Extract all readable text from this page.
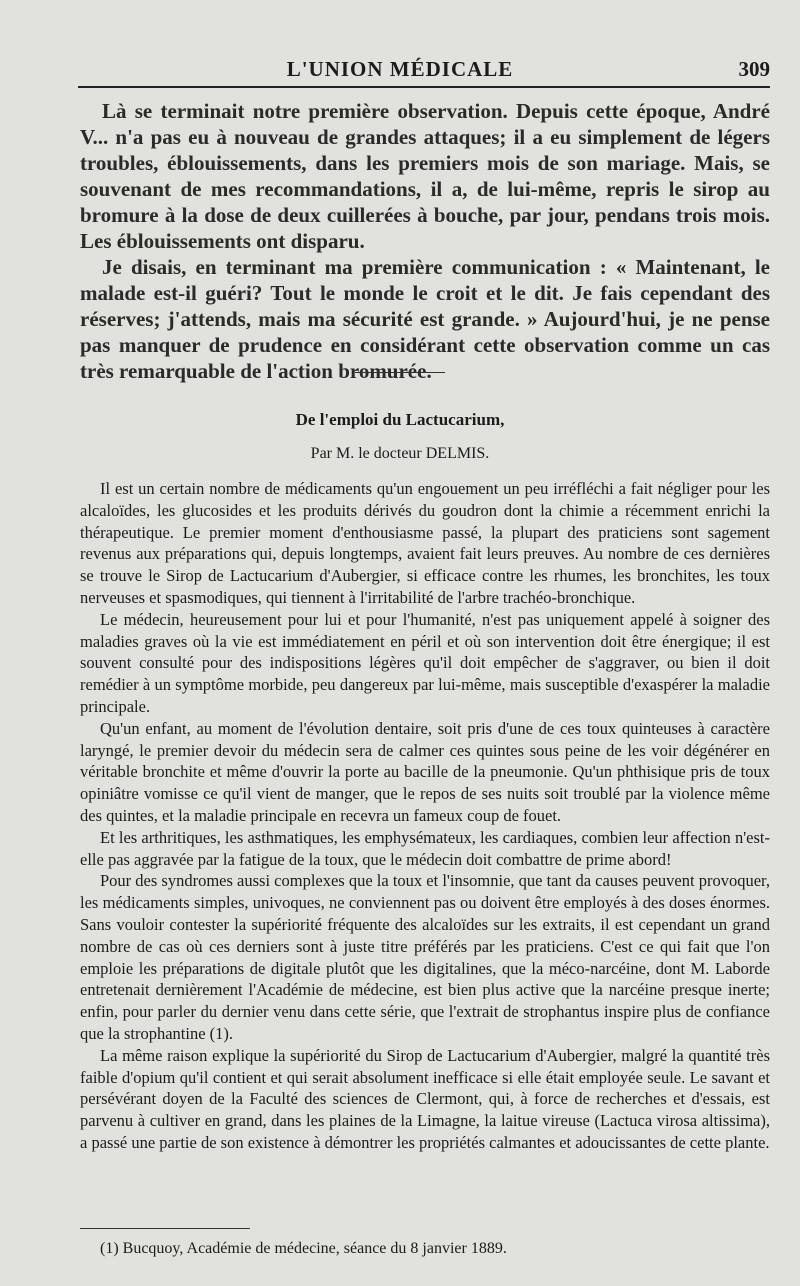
L'UNION MÉDICALE	309

Là se terminait notre première observation. Depuis cette époque, André V... n'a pas eu à nouveau de grandes attaques; il a eu simplement de légers troubles, éblouissements, dans les premiers mois de son mariage. Mais, se souvenant de mes recommandations, il a, de lui-même, repris le sirop au bromure à la dose de deux cuillerées à bouche, par jour, pendans trois mois. Les éblouissements ont disparu.

Je disais, en terminant ma première communication : « Maintenant, le malade est-il guéri? Tout le monde le croit et le dit. Je fais cependant des réserves; j'attends, mais ma sécurité est grande. » Aujourd'hui, je ne pense pas manquer de prudence en considérant cette observation comme un cas très remarquable de l'action bromurée.

De l'emploi du Lactucarium,
Par M. le docteur DELMIS.

Il est un certain nombre de médicaments qu'un engouement un peu irréfléchi a fait négliger pour les alcaloïdes, les glucosides et les produits dérivés du goudron dont la chimie a récemment enrichi la thérapeutique. Le premier moment d'enthousiasme passé, la plupart des praticiens sont sagement revenus aux préparations qui, depuis longtemps, avaient fait leurs preuves. Au nombre de ces dernières se trouve le Sirop de Lactucarium d'Aubergier, si efficace contre les rhumes, les bronchites, les toux nerveuses et spasmodiques, qui tiennent à l'irritabilité de l'arbre trachéo-bronchique.

Le médecin, heureusement pour lui et pour l'humanité, n'est pas uniquement appelé à soigner des maladies graves où la vie est immédiatement en péril et où son intervention doit être énergique; il est souvent consulté pour des indispositions légères qu'il doit empêcher de s'aggraver, ou bien il doit remédier à un symptôme morbide, peu dangereux par lui-même, mais susceptible d'exaspérer la maladie principale.

Qu'un enfant, au moment de l'évolution dentaire, soit pris d'une de ces toux quinteuses à caractère laryngé, le premier devoir du médecin sera de calmer ces quintes sous peine de les voir dégénérer en véritable bronchite et même d'ouvrir la porte au bacille de la pneumonie. Qu'un phthisique pris de toux opiniâtre vomisse ce qu'il vient de manger, que le repos de ses nuits soit troublé par la violence même des quintes, et la maladie principale en recevra un fameux coup de fouet.

Et les arthritiques, les asthmatiques, les emphysémateux, les cardiaques, combien leur affection n'est-elle pas aggravée par la fatigue de la toux, que le médecin doit combattre de prime abord!

Pour des syndromes aussi complexes que la toux et l'insomnie, que tant da causes peuvent provoquer, les médicaments simples, univoques, ne conviennent pas ou doivent être employés à des doses énormes. Sans vouloir contester la supériorité fréquente des alcaloïdes sur les extraits, il est cependant un grand nombre de cas où ces derniers sont à juste titre préférés par les praticiens. C'est ce qui fait que l'on emploie les préparations de digitale plutôt que les digitalines, que la méco-narcéine, dont M. Laborde entretenait dernièrement l'Académie de médecine, est bien plus active que la narcéine presque inerte; enfin, pour parler du dernier venu dans cette série, que l'extrait de strophantus inspire plus de confiance que la strophantine (1).

La même raison explique la supériorité du Sirop de Lactucarium d'Aubergier, malgré la quantité très faible d'opium qu'il contient et qui serait absolument inefficace si elle était employée seule. Le savant et persévérant doyen de la Faculté des sciences de Clermont, qui, à force de recherches et d'essais, est parvenu à cultiver en grand, dans les plaines de la Limagne, la laitue vireuse (Lactuca virosa altissima), a passé une partie de son existence à démontrer les propriétés calmantes et adoucissantes de cette plante.

(1) Bucquoy, Académie de médecine, séance du 8 janvier 1889.
